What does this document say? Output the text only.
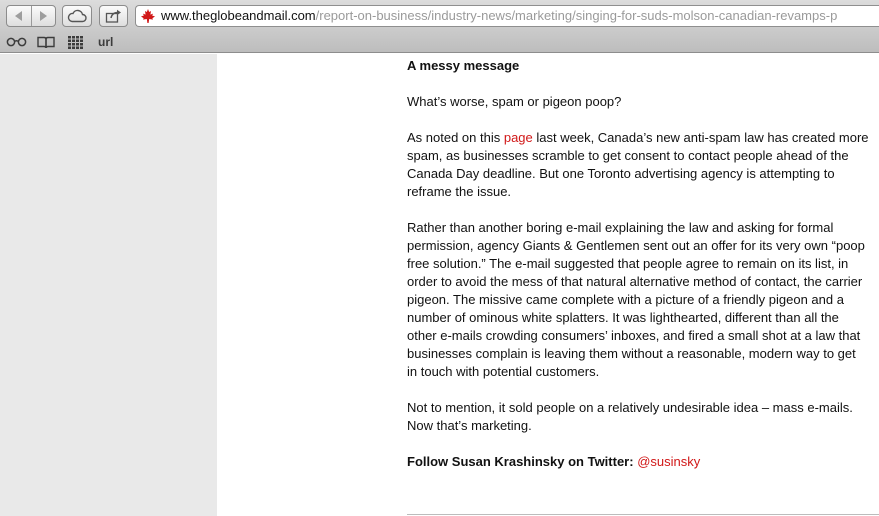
www.theglobeandmail.com/report-on-business/industry-news/marketing/singing-for-suds-molson-canadian-revamps-p
url

A messy message

What’s worse, spam or pigeon poop?

As noted on this page last week, Canada’s new anti-spam law has created more spam, as businesses scramble to get consent to contact people ahead of the Canada Day deadline. But one Toronto advertising agency is attempting to reframe the issue.

Rather than another boring e-mail explaining the law and asking for formal permission, agency Giants & Gentlemen sent out an offer for its very own “poop free solution.” The e-mail suggested that people agree to remain on its list, in order to avoid the mess of that natural alternative method of contact, the carrier pigeon. The missive came complete with a picture of a friendly pigeon and a number of ominous white splatters. It was lighthearted, different than all the other e-mails crowding consumers’ inboxes, and fired a small shot at a law that businesses complain is leaving them without a reasonable, modern way to get in touch with potential customers.

Not to mention, it sold people on a relatively undesirable idea – mass e-mails. Now that’s marketing.

Follow Susan Krashinsky on Twitter: @susinsky
